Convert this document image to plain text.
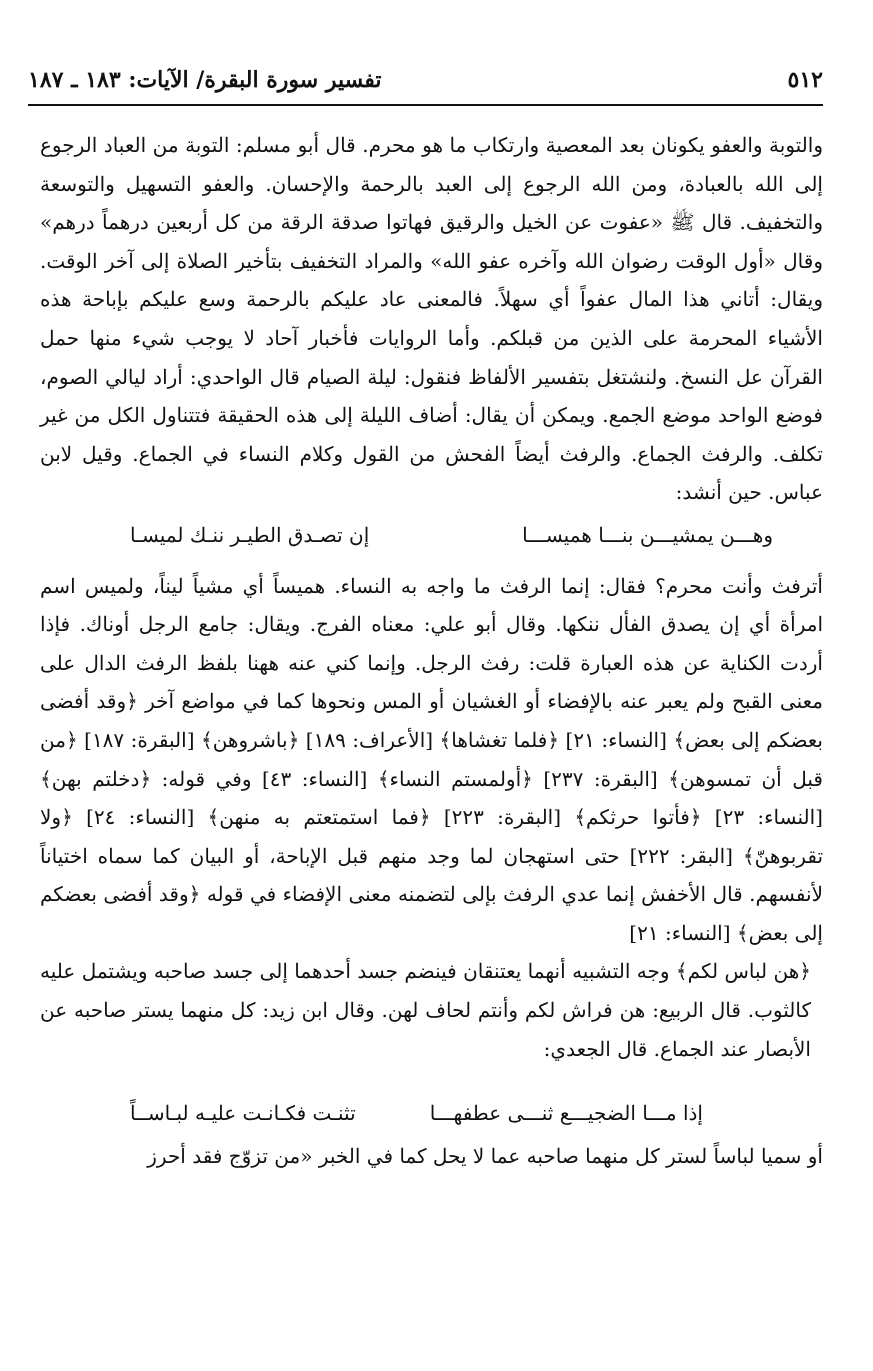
٥١٢
تفسير سورة البقرة/ الآيات: ١٨٣ ـ ١٨٧

والتوبة والعفو يكونان بعد المعصية وارتكاب ما هو محرم. قال أبو مسلم: التوبة من العباد الرجوع إلى الله بالعبادة، ومن الله الرجوع إلى العبد بالرحمة والإحسان. والعفو التسهيل والتوسعة والتخفيف. قال ﷺ «عفوت عن الخيل والرقيق فهاتوا صدقة الرقة من كل أربعين درهماً درهم» وقال «أول الوقت رضوان الله وآخره عفو الله» والمراد التخفيف بتأخير الصلاة إلى آخر الوقت. ويقال: أتاني هذا المال عفواً أي سهلاً. فالمعنى عاد عليكم بالرحمة وسع عليكم بإباحة هذه الأشياء المحرمة على الذين من قبلكم. وأما الروايات فأخبار آحاد لا يوجب شيء منها حمل القرآن عل النسخ. ولنشتغل بتفسير الألفاظ فنقول: ليلة الصيام قال الواحدي: أراد ليالي الصوم، فوضع الواحد موضع الجمع. ويمكن أن يقال: أضاف الليلة إلى هذه الحقيقة فتتناول الكل من غير تكلف. والرفث الجماع. والرفث أيضاً الفحش من القول وكلام النساء في الجماع. وقيل لابن عباس. حين أنشد:

وهـــن يمشيـــن بنـــا هميســـا
إن تصـدق الطيـر ننـك لميسـا

أترفث وأنت محرم؟ فقال: إنما الرفث ما واجه به النساء. هميساً أي مشياً ليناً، ولميس اسم امرأة أي إن يصدق الفأل ننكها. وقال أبو علي: معناه الفرج. ويقال: جامع الرجل أوناك. فإذا أردت الكناية عن هذه العبارة قلت: رفث الرجل. وإنما كني عنه ههنا بلفظ الرفث الدال على معنى القبح ولم يعبر عنه بالإفضاء أو الغشيان أو المس ونحوها كما في مواضع آخر ﴿وقد أفضى بعضكم إلى بعض﴾ [النساء: ٢١] ﴿فلما تغشاها﴾ [الأعراف: ١٨٩] ﴿باشروهن﴾ [البقرة: ١٨٧] ﴿من قبل أن تمسوهن﴾ [البقرة: ٢٣٧] ﴿أولمستم النساء﴾ [النساء: ٤٣] وفي قوله: ﴿دخلتم بهن﴾ [النساء: ٢٣] ﴿فأتوا حرثكم﴾ [البقرة: ٢٢٣] ﴿فما استمتعتم به منهن﴾ [النساء: ٢٤] ﴿ولا تقربوهنّ﴾ [البقر: ٢٢٢] حتى استهجان لما وجد منهم قبل الإباحة، أو البيان كما سماه اختياناً لأنفسهم. قال الأخفش إنما عدي الرفث بإلى لتضمنه معنى الإفضاء في قوله ﴿وقد أفضى بعضكم إلى بعض﴾ [النساء: ٢١]

﴿هن لباس لكم﴾ وجه التشبيه أنهما يعتنقان فينضم جسد أحدهما إلى جسد صاحبه ويشتمل عليه كالثوب. قال الربيع: هن فراش لكم وأنتم لحاف لهن. وقال ابن زيد: كل منهما يستر صاحبه عن الأبصار عند الجماع. قال الجعدي:

إذا مـــا الضجيـــع ثنـــى عطفهـــا
تثنـت فكـانـت عليـه لبـاســاً

أو سميا لباساً لستر كل منهما صاحبه عما لا يحل كما في الخبر «من تزوّج فقد أحرز
